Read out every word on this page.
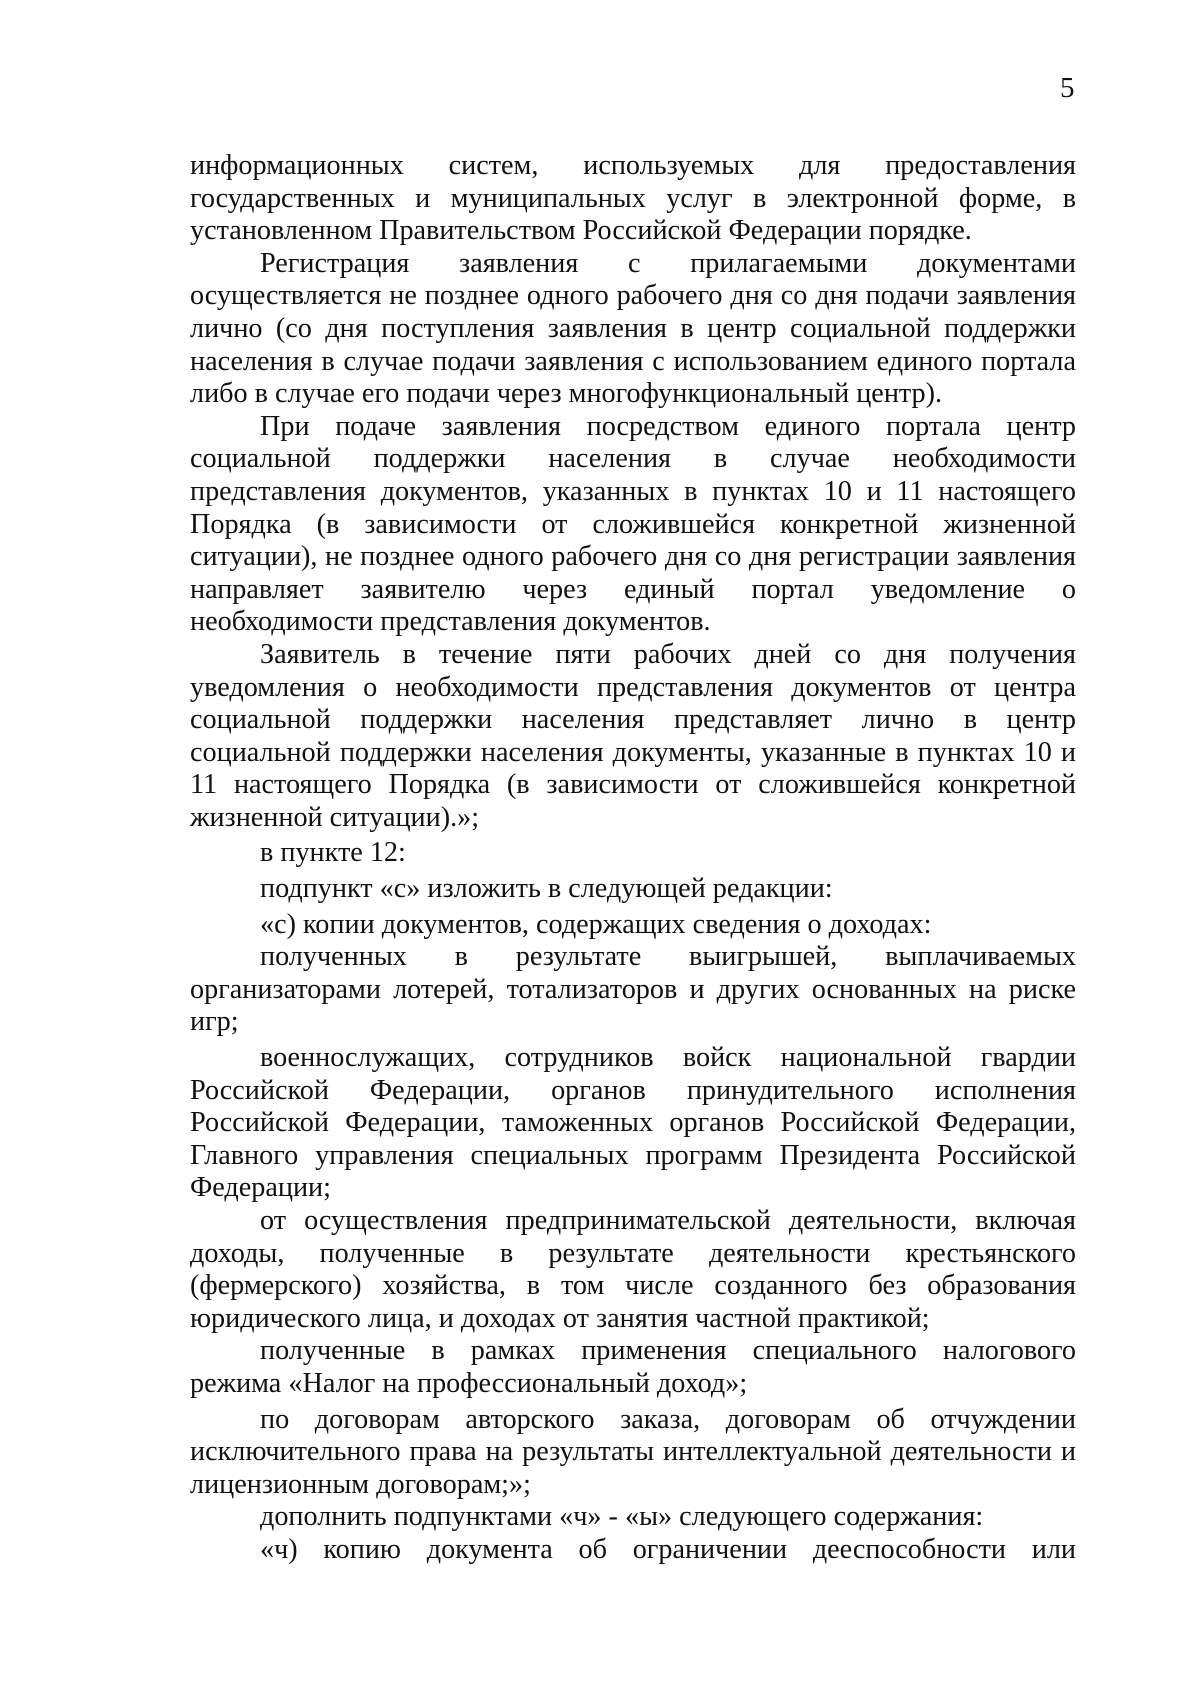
5

информационных систем, используемых для предоставления государственных и муниципальных услуг в электронной форме, в установленном Правительством Российской Федерации порядке.

Регистрация заявления с прилагаемыми документами осуществляется не позднее одного рабочего дня со дня подачи заявления лично (со дня поступления заявления в центр социальной поддержки населения в случае подачи заявления с использованием единого портала либо в случае его подачи через многофункциональный центр).

При подаче заявления посредством единого портала центр социальной поддержки населения в случае необходимости представления документов, указанных в пунктах 10 и 11 настоящего Порядка (в зависимости от сложившейся конкретной жизненной ситуации), не позднее одного рабочего дня со дня регистрации заявления направляет заявителю через единый портал уведомление о необходимости представления документов.

Заявитель в течение пяти рабочих дней со дня получения уведомления о необходимости представления документов от центра социальной поддержки населения представляет лично в центр социальной поддержки населения документы, указанные в пунктах 10 и 11 настоящего Порядка (в зависимости от сложившейся конкретной жизненной ситуации).»;

в пункте 12:

подпункт «с» изложить в следующей редакции:

«с) копии документов, содержащих сведения о доходах:

полученных в результате выигрышей, выплачиваемых организаторами лотерей, тотализаторов и других основанных на риске игр;

военнослужащих, сотрудников войск национальной гвардии Российской Федерации, органов принудительного исполнения Российской Федерации, таможенных органов Российской Федерации, Главного управления специальных программ Президента Российской Федерации;

от осуществления предпринимательской деятельности, включая доходы, полученные в результате деятельности крестьянского (фермерского) хозяйства, в том числе созданного без образования юридического лица, и доходах от занятия частной практикой;

полученные в рамках применения специального налогового режима «Налог на профессиональный доход»;

по договорам авторского заказа, договорам об отчуждении исключительного права на результаты интеллектуальной деятельности и лицензионным договорам;»;

дополнить подпунктами «ч» - «ы» следующего содержания:

«ч) копию документа об ограничении дееспособности или
